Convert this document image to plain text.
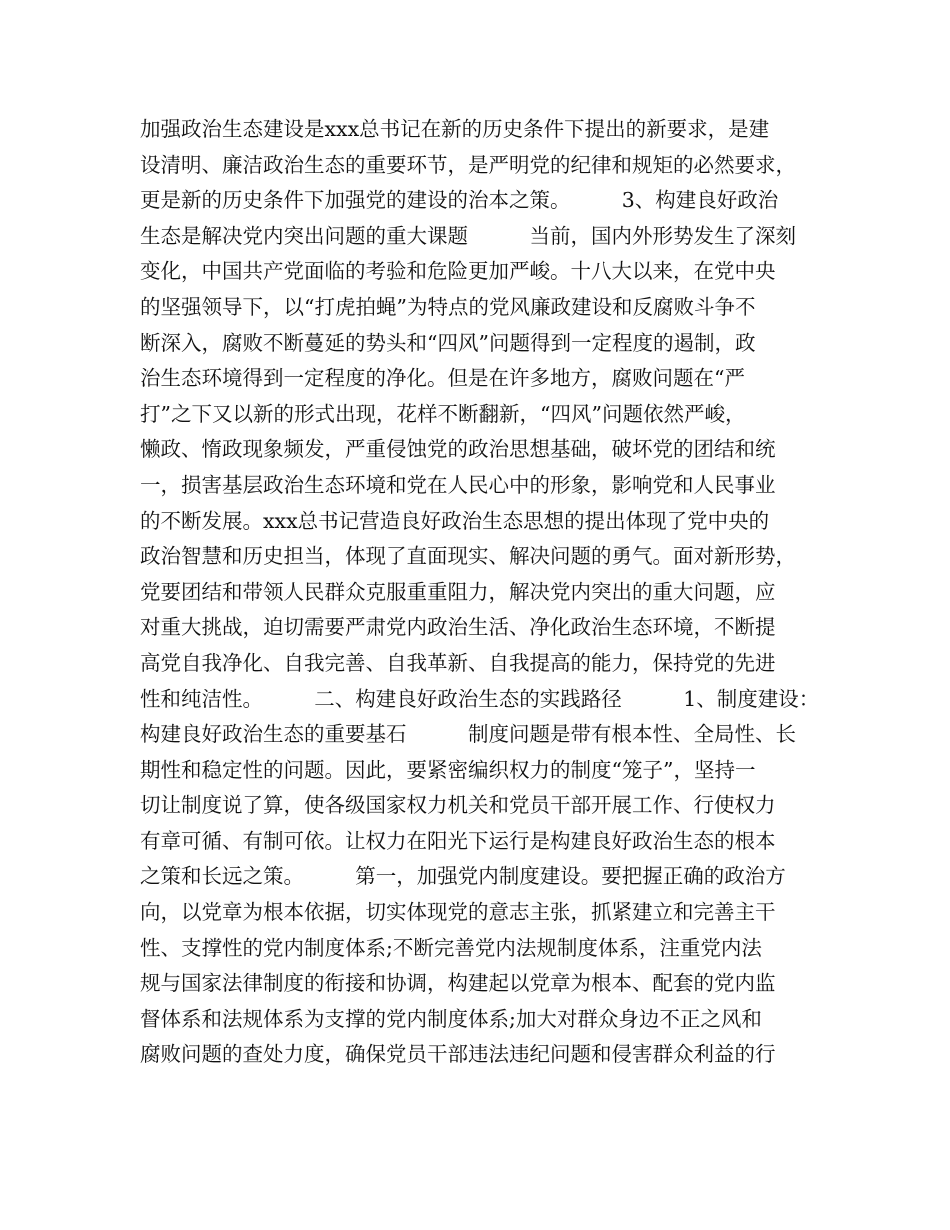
加强政治生态建设是xxx总书记在新的历史条件下提出的新要求，是建
设清明、廉洁政治生态的重要环节，是严明党的纪律和规矩的必然要求，
更是新的历史条件下加强党的建设的治本之策。　　　3、构建良好政治
生态是解决党内突出问题的重大课题　　　当前，国内外形势发生了深刻
变化，中国共产党面临的考验和危险更加严峻。十八大以来，在党中央
的坚强领导下，以“打虎拍蝇”为特点的党风廉政建设和反腐败斗争不
断深入，腐败不断蔓延的势头和“四风”问题得到一定程度的遏制，政
治生态环境得到一定程度的净化。但是在许多地方，腐败问题在“严
打”之下又以新的形式出现，花样不断翻新，“四风”问题依然严峻，
懒政、惰政现象频发，严重侵蚀党的政治思想基础，破坏党的团结和统
一，损害基层政治生态环境和党在人民心中的形象，影响党和人民事业
的不断发展。xxx总书记营造良好政治生态思想的提出体现了党中央的
政治智慧和历史担当，体现了直面现实、解决问题的勇气。面对新形势，
党要团结和带领人民群众克服重重阻力，解决党内突出的重大问题，应
对重大挑战，迫切需要严肃党内政治生活、净化政治生态环境，不断提
高党自我净化、自我完善、自我革新、自我提高的能力，保持党的先进
性和纯洁性。　　　二、构建良好政治生态的实践路径　　　1、制度建设：
构建良好政治生态的重要基石　　　制度问题是带有根本性、全局性、长
期性和稳定性的问题。因此，要紧密编织权力的制度“笼子”，坚持一
切让制度说了算，使各级国家权力机关和党员干部开展工作、行使权力
有章可循、有制可依。让权力在阳光下运行是构建良好政治生态的根本
之策和长远之策。　　　第一，加强党内制度建设。要把握正确的政治方
向，以党章为根本依据，切实体现党的意志主张，抓紧建立和完善主干
性、支撑性的党内制度体系;不断完善党内法规制度体系，注重党内法
规与国家法律制度的衔接和协调，构建起以党章为根本、配套的党内监
督体系和法规体系为支撑的党内制度体系;加大对群众身边不正之风和
腐败问题的查处力度，确保党员干部违法违纪问题和侵害群众利益的行
